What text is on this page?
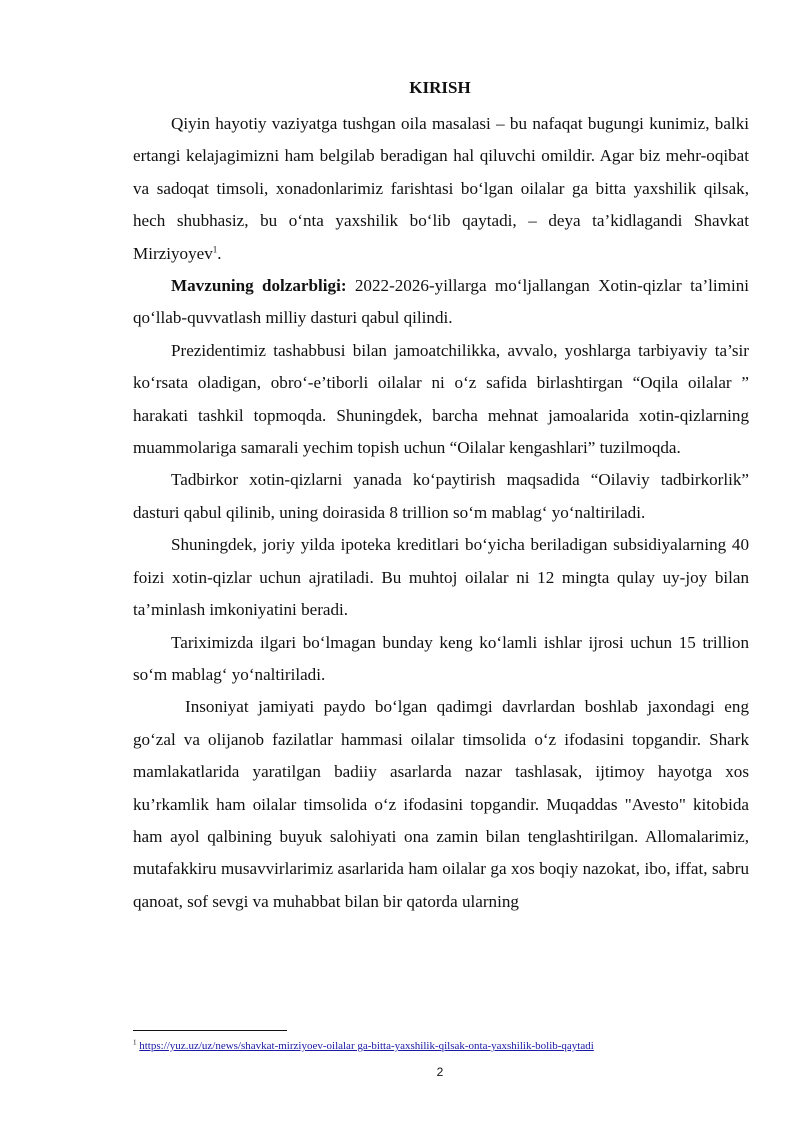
KIRISH

Qiyin hayotiy vaziyatga tushgan oila masalasi – bu nafaqat bugungi kunimiz, balki ertangi kelajagimizni ham belgilab beradigan hal qiluvchi omildir. Agar biz mehr-oqibat va sadoqat timsoli, xonadonlarimiz farishtasi bo‘lgan oilalar ga bitta yaxshilik qilsak, hech shubhasiz, bu o‘nta yaxshilik bo‘lib qaytadi, – deya ta’kidlagandi Shavkat Mirziyoyev$^1$.

Mavzuning dolzarbligi: 2022-2026-yillarga mo‘ljallangan Xotin-qizlar ta’limini qo‘llab-quvvatlash milliy dasturi qabul qilindi.

Prezidentimiz tashabbusi bilan jamoatchilikka, avvalo, yoshlarga tarbiyaviy ta’sir ko‘rsata oladigan, obro‘-e’tiborli oilalar ni o‘z safida birlashtirgan “Oqila oilalar ” harakati tashkil topmoqda. Shuningdek, barcha mehnat jamoalarida xotin-qizlarning muammolariga samarali yechim topish uchun “Oilalar kengashlari” tuzilmoqda.

Tadbirkor xotin-qizlarni yanada ko‘paytirish maqsadida “Oilaviy tadbirkorlik” dasturi qabul qilinib, uning doirasida 8 trillion so‘m mablag‘ yo‘naltiriladi.

Shuningdek, joriy yilda ipoteka kreditlari bo‘yicha beriladigan subsidiyalarning 40 foizi xotin-qizlar uchun ajratiladi. Bu muhtoj oilalar ni 12 mingta qulay uy-joy bilan ta’minlash imkoniyatini beradi.

Tariximizda ilgari bo‘lmagan bunday keng ko‘lamli ishlar ijrosi uchun 15 trillion so‘m mablag‘ yo‘naltiriladi.

Insoniyat jamiyati paydo bo‘lgan qadimgi davrlardan boshlab jaxondagi eng go‘zal va olijanob fazilatlar hammasi oilalar timsolida o‘z ifodasini topgandir. Shark mamlakatlarida yaratilgan badiiy asarlarda nazar tashlasak, ijtimoy hayotga xos ku’rkamlik ham oilalar timsolida o‘z ifodasini topgandir. Muqaddas "Avesto" kitobida ham ayol qalbining buyuk salohiyati ona zamin bilan tenglashtirilgan. Allomalarimiz, mutafakkiru musavvirlarimiz asarlarida ham oilalar ga xos boqiy nazokat, ibo, iffat, sabru qanoat, sof sevgi va muhabbat bilan bir qatorda ularning

$^1$ https://yuz.uz/uz/news/shavkat-mirziyoev-oilalar ga-bitta-yaxshilik-qilsak-onta-yaxshilik-bolib-qaytadi
2
